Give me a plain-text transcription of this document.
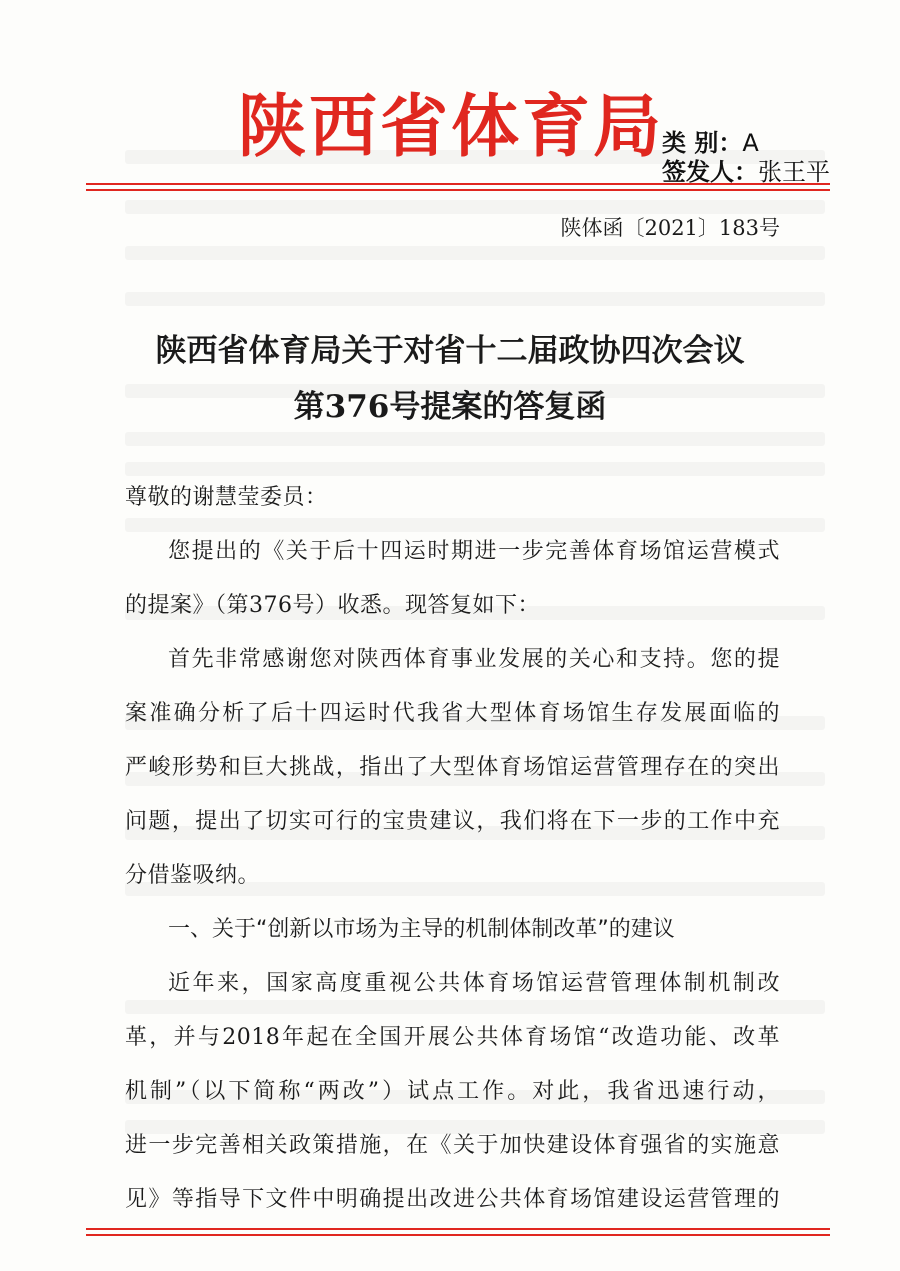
陕西省体育局
类 别：A
签发人：张王平
陕体函〔2021〕183号
陕西省体育局关于对省十二届政协四次会议
第376号提案的答复函
尊敬的谢慧莹委员：
您提出的《关于后十四运时期进一步完善体育场馆运营模式
的提案》（第376号）收悉。现答复如下：
首先非常感谢您对陕西体育事业发展的关心和支持。您的提
案准确分析了后十四运时代我省大型体育场馆生存发展面临的
严峻形势和巨大挑战，指出了大型体育场馆运营管理存在的突出
问题，提出了切实可行的宝贵建议，我们将在下一步的工作中充
分借鉴吸纳。
一、关于“创新以市场为主导的机制体制改革”的建议
近年来，国家高度重视公共体育场馆运营管理体制机制改
革，并与2018年起在全国开展公共体育场馆“改造功能、改革
机制”（以下简称“两改”）试点工作。对此，我省迅速行动，
进一步完善相关政策措施，在《关于加快建设体育强省的实施意
见》等指导下文件中明确提出改进公共体育场馆建设运营管理的
